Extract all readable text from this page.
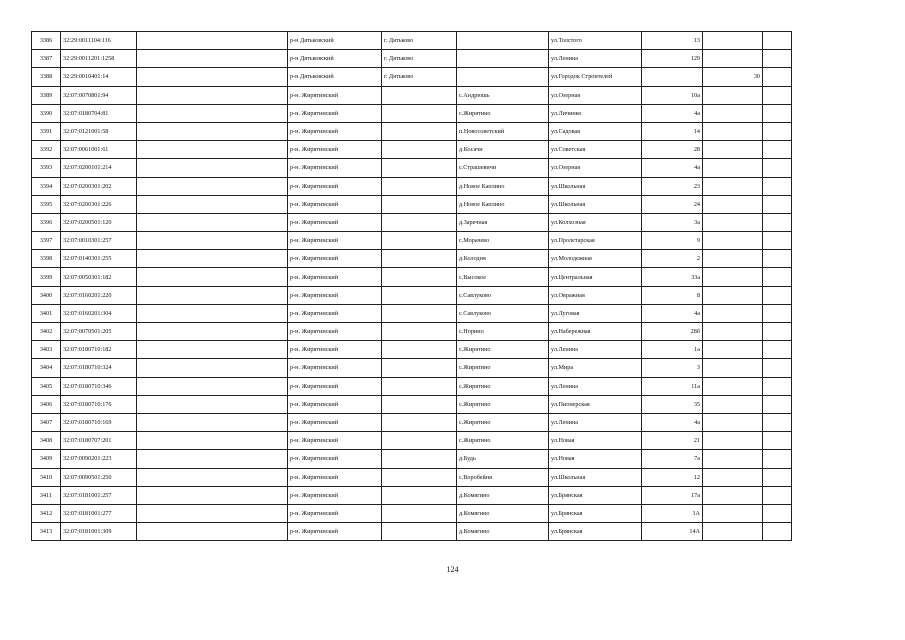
3386	32:29:0011104:116		р-н Дятьковский	г. Дятьково		ул.Толстого	13		
3387	32:29:0011201:1258		р-н Дятьковский	г. Дятьково		ул.Ленина	129		
3388	32:29:0010401:14		р-н Дятьковский	г. Дятьково		ул.Городок Строителей		30	
3389	32:07:0070801:94		р-н. Жирятинский		с.Андрюшь	ул.Озерная	10а		
3390	32:07:0180704:81		р-н. Жирятинский		с.Жирятино	ул.Личинко	4а		
3391	32:07:0121001:58		р-н. Жирятинский		п.Новосоветский	ул.Садовая	14		
3392	32:07:0061001:61		р-н. Жирятинский		д.Косачи	ул.Советская	28		
3393	32:07:0200101:214		р-н. Жирятинский		с.Страшевичи	ул.Озерная	4а		
3394	32:07:0200301:202		р-н. Жирятинский		д.Новое Каплино	ул.Школьная	23		
3395	32:07:0200301:226		р-н. Жирятинский		д.Новое Каплино	ул.Школьная	24		
3396	32:07:0200501:120		р-н. Жирятинский		д.Заречная	ул.Колхозная	3а		
3397	32:07:0010301:257		р-н. Жирятинский		с.Морачево	ул.Пролетарская	9		
3398	32:07:0140301:255		р-н. Жирятинский		д.Колодня	ул.Молодежная	2		
3399	32:07:0050301:182		р-н. Жирятинский		с.Высокое	ул.Центральная	33а		
3400	32:07:0160201:220		р-н. Жирятинский		с.Савлуково	ул.Овражная	8		
3401	32:07:0160201:304		р-н. Жирятинский		с.Савлуково	ул.Луговая	4а		
3402	32:07:0070501:205		р-н. Жирятинский		с.Норино	ул.Набережная	28б		
3403	32:07:0180710:182		р-н. Жирятинский		с.Жирятино	ул.Ленина	1а		
3404	32:07:0180710:324		р-н. Жирятинский		с.Жирятино	ул.Мира	3		
3405	32:07:0180710:346		р-н. Жирятинский		с.Жирятино	ул.Ленина	11а		
3406	32:07:0180710:176		р-н. Жирятинский		с.Жирятино	ул.Пионерская	35		
3407	32:07:0180710:169		р-н. Жирятинский		с.Жирятино	ул.Ленина	4а		
3408	32:07:0180707:201		р-н. Жирятинский		с.Жирятино	ул.Новая	21		
3409	32:07:0090201:223		р-н. Жирятинский		д.Будь	ул.Новая	7а		
3410	32:07:0090501:250		р-н. Жирятинский		с.Воробейня	ул.Школьная	12		
3411	32:07:0181001:257		р-н. Жирятинский		д.Комягино	ул.Брянская	17а		
3412	32:07:0181001:277		р-н. Жирятинский		д.Комягино	ул.Брянская	1А		
3413	32:07:0181001:309		р-н. Жирятинский		д.Комягино	ул.Брянская	14А		
124
